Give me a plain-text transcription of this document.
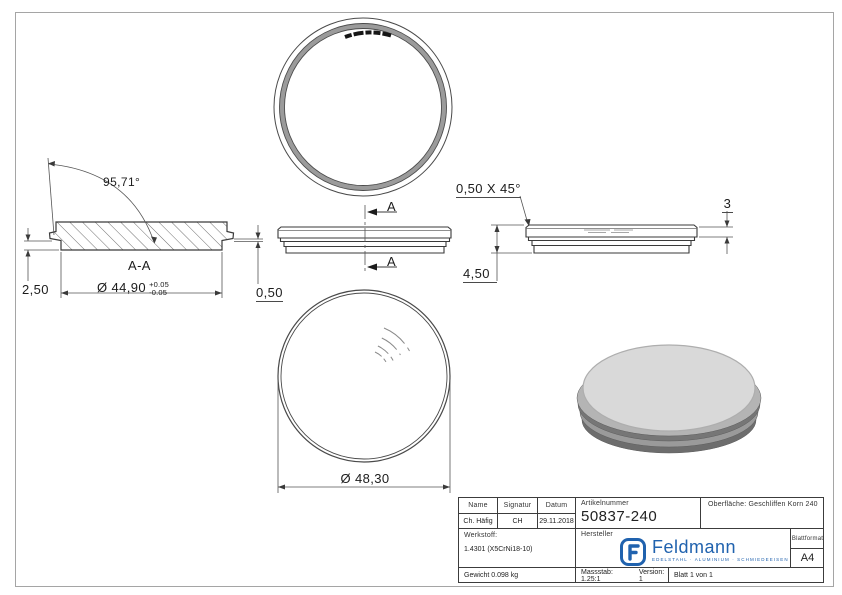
95,71°
2,50
A-A
Ø 44,90 +0.05
-0.05	0,50
A
A
0,50 X 45°
3
4,50
Ø 48,30
Name	Signatur	Datum
Ch. Häfig	CH	29.11.2018
Artikelnummer
50837-240
Oberfläche: Geschliffen Korn 240
Werkstoff:
1.4301 (X5CrNi18-10)
Hersteller
Feldmann
EDELSTAHL · ALUMINIUM · SCHMIEDEEISEN
Blattformat
A4
Gewicht 0.098 kg	Massstab: 1.25:1
Version: 1	Blatt 1 von 1
